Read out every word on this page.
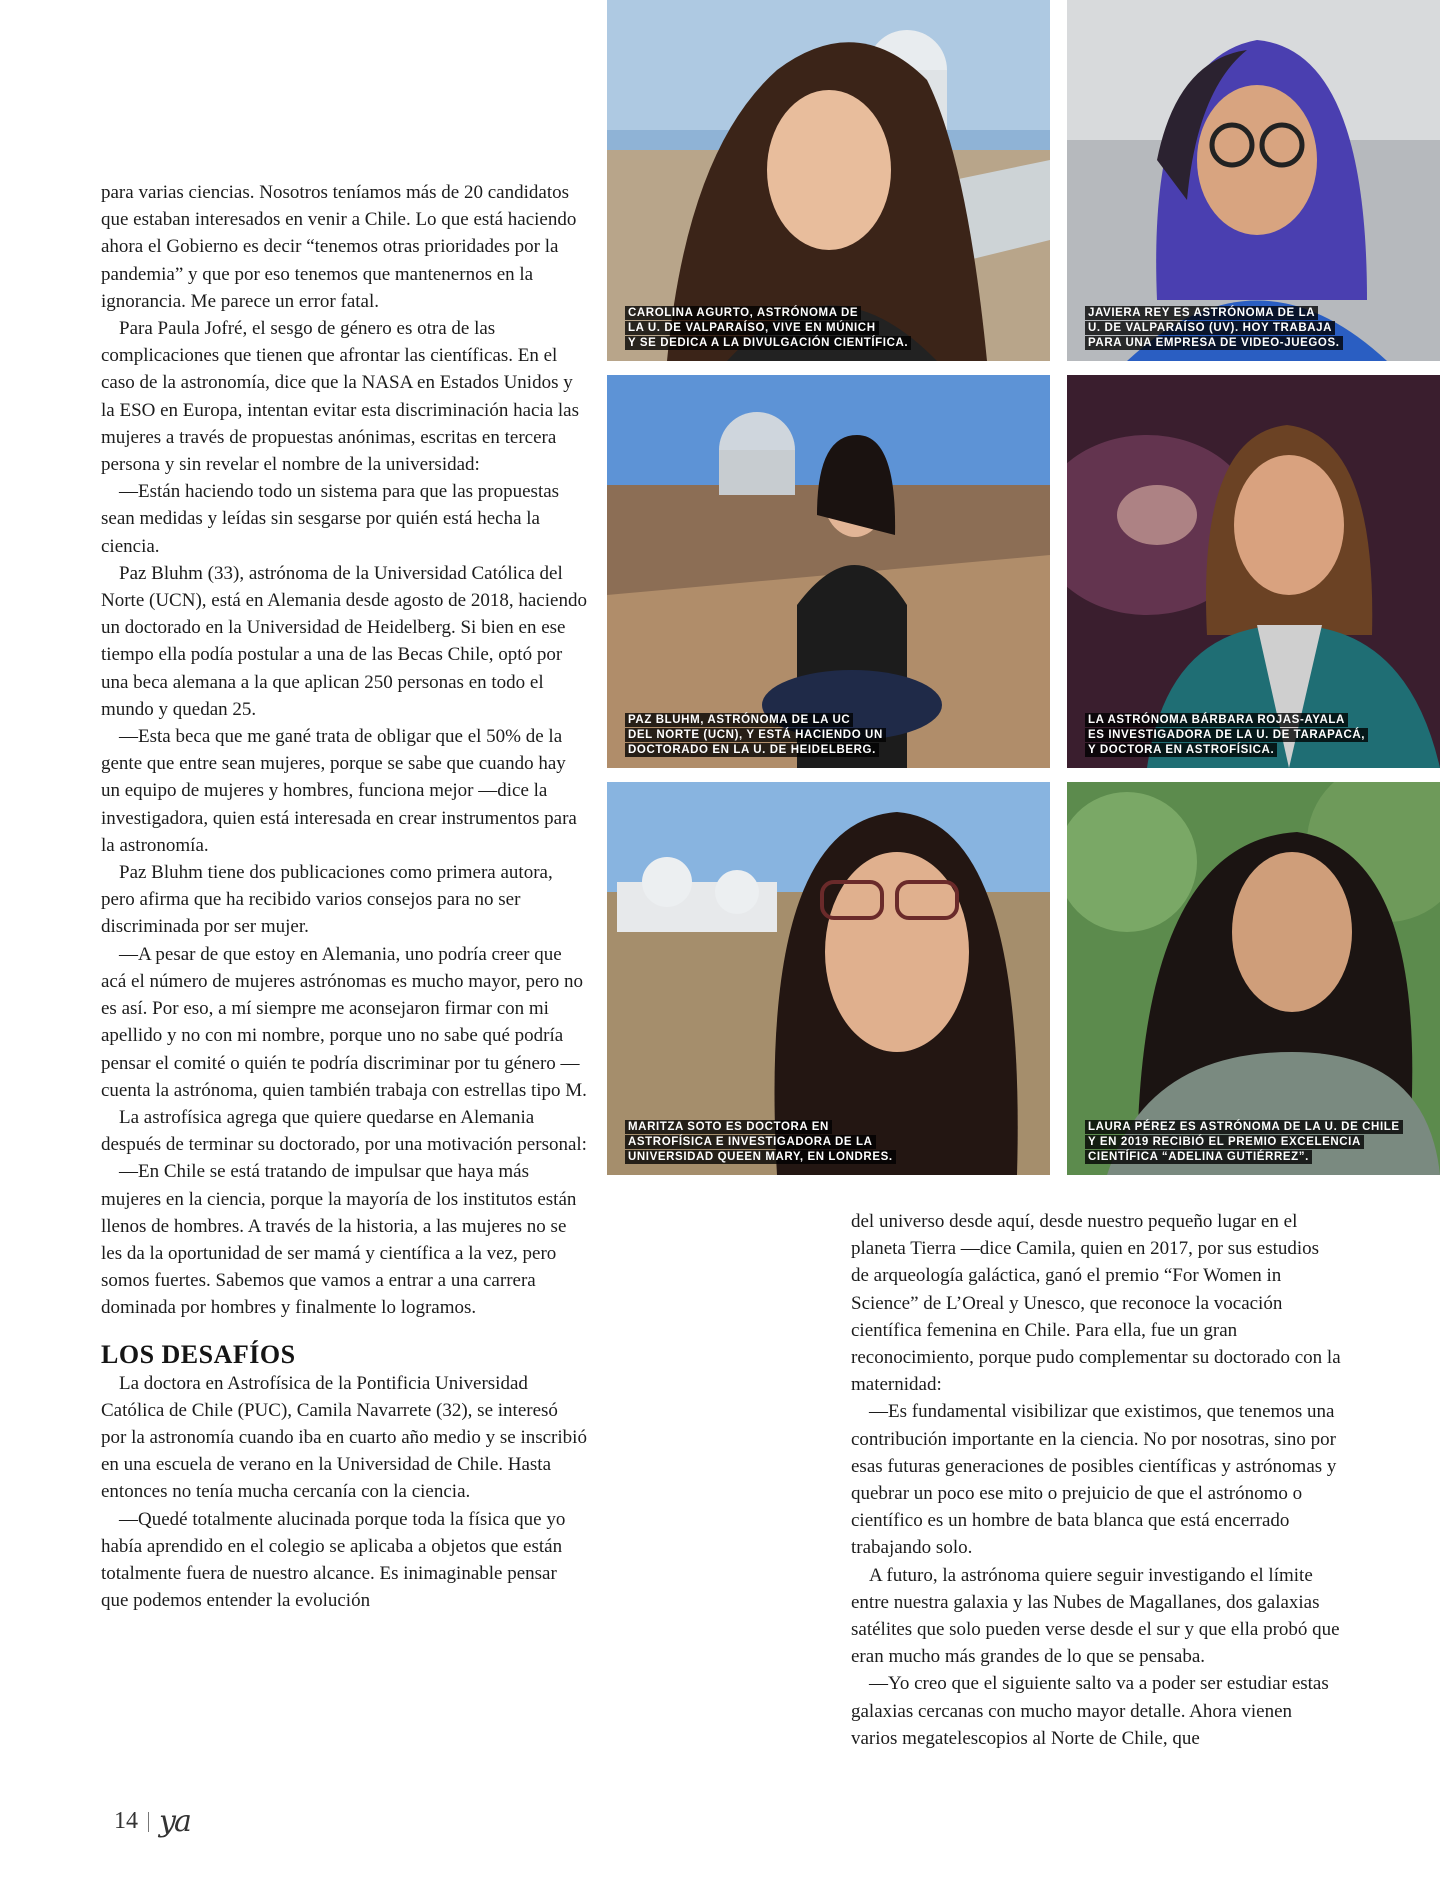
para varias ciencias. Nosotros teníamos más de 20 candidatos que estaban interesados en venir a Chile. Lo que está haciendo ahora el Gobierno es decir “tenemos otras prioridades por la pandemia” y que por eso tenemos que mantenernos en la ignorancia. Me parece un error fatal.

Para Paula Jofré, el sesgo de género es otra de las complicaciones que tienen que afrontar las científicas. En el caso de la astronomía, dice que la NASA en Estados Unidos y la ESO en Europa, intentan evitar esta discriminación hacia las mujeres a través de propuestas anónimas, escritas en tercera persona y sin revelar el nombre de la universidad:

—Están haciendo todo un sistema para que las propuestas sean medidas y leídas sin sesgarse por quién está hecha la ciencia.

Paz Bluhm (33), astrónoma de la Universidad Católica del Norte (UCN), está en Alemania desde agosto de 2018, haciendo un doctorado en la Universidad de Heidelberg. Si bien en ese tiempo ella podía postular a una de las Becas Chile, optó por una beca alemana a la que aplican 250 personas en todo el mundo y quedan 25.

—Esta beca que me gané trata de obligar que el 50% de la gente que entre sean mujeres, porque se sabe que cuando hay un equipo de mujeres y hombres, funciona mejor —dice la investigadora, quien está interesada en crear instrumentos para la astronomía.

Paz Bluhm tiene dos publicaciones como primera autora, pero afirma que ha recibido varios consejos para no ser discriminada por ser mujer.

—A pesar de que estoy en Alemania, uno podría creer que acá el número de mujeres astrónomas es mucho mayor, pero no es así. Por eso, a mí siempre me aconsejaron firmar con mi apellido y no con mi nombre, porque uno no sabe qué podría pensar el comité o quién te podría discriminar por tu género —cuenta la astrónoma, quien también trabaja con estrellas tipo M.

La astrofísica agrega que quiere quedarse en Alemania después de terminar su doctorado, por una motivación personal:

—En Chile se está tratando de impulsar que haya más mujeres en la ciencia, porque la mayoría de los institutos están llenos de hombres. A través de la historia, a las mujeres no se les da la oportunidad de ser mamá y científica a la vez, pero somos fuertes. Sabemos que vamos a entrar a una carrera dominada por hombres y finalmente lo logramos.

LOS DESAFÍOS

La doctora en Astrofísica de la Pontificia Universidad Católica de Chile (PUC), Camila Navarrete (32), se interesó por la astronomía cuando iba en cuarto año medio y se inscribió en una escuela de verano en la Universidad de Chile. Hasta entonces no tenía mucha cercanía con la ciencia.

—Quedé totalmente alucinada porque toda la física que yo había aprendido en el colegio se aplicaba a objetos que están totalmente fuera de nuestro alcance. Es inimaginable pensar que podemos entender la evolución

del universo desde aquí, desde nuestro pequeño lugar en el planeta Tierra —dice Camila, quien en 2017, por sus estudios de arqueología galáctica, ganó el premio “For Women in Science” de L’Oreal y Unesco, que reconoce la vocación científica femenina en Chile. Para ella, fue un gran reconocimiento, porque pudo complementar su doctorado con la maternidad:

—Es fundamental visibilizar que existimos, que tenemos una contribución importante en la ciencia. No por nosotras, sino por esas futuras generaciones de posibles científicas y astrónomas y quebrar un poco ese mito o prejuicio de que el astrónomo o científico es un hombre de bata blanca que está encerrado trabajando solo.

A futuro, la astrónoma quiere seguir investigando el límite entre nuestra galaxia y las Nubes de Magallanes, dos galaxias satélites que solo pueden verse desde el sur y que ella probó que eran mucho más grandes de lo que se pensaba.

—Yo creo que el siguiente salto va a poder ser estudiar estas galaxias cercanas con mucho mayor detalle. Ahora vienen varios megatelescopios al Norte de Chile, que

CAROLINA AGURTO, ASTRÓNOMA DE
LA U. DE VALPARAÍSO, VIVE EN MÚNICH
Y SE DEDICA A LA DIVULGACIÓN CIENTÍFICA.
JAVIERA REY ES ASTRÓNOMA DE LA
U. DE VALPARAÍSO (UV). HOY TRABAJA
PARA UNA EMPRESA DE VIDEO-JUEGOS.
PAZ BLUHM, ASTRÓNOMA DE LA UC
DEL NORTE (UCN), Y ESTÁ HACIENDO UN
DOCTORADO EN LA U. DE HEIDELBERG.
LA ASTRÓNOMA BÁRBARA ROJAS-AYALA
ES INVESTIGADORA DE LA U. DE TARAPACÁ,
Y DOCTORA EN ASTROFÍSICA.
MARITZA SOTO ES DOCTORA EN
ASTROFÍSICA E INVESTIGADORA DE LA
UNIVERSIDAD QUEEN MARY, EN LONDRES.
LAURA PÉREZ ES ASTRÓNOMA DE LA U. DE CHILE
Y EN 2019 RECIBIÓ EL PREMIO EXCELENCIA
CIENTÍFICA “ADELINA GUTIÉRREZ”.
14 ya
